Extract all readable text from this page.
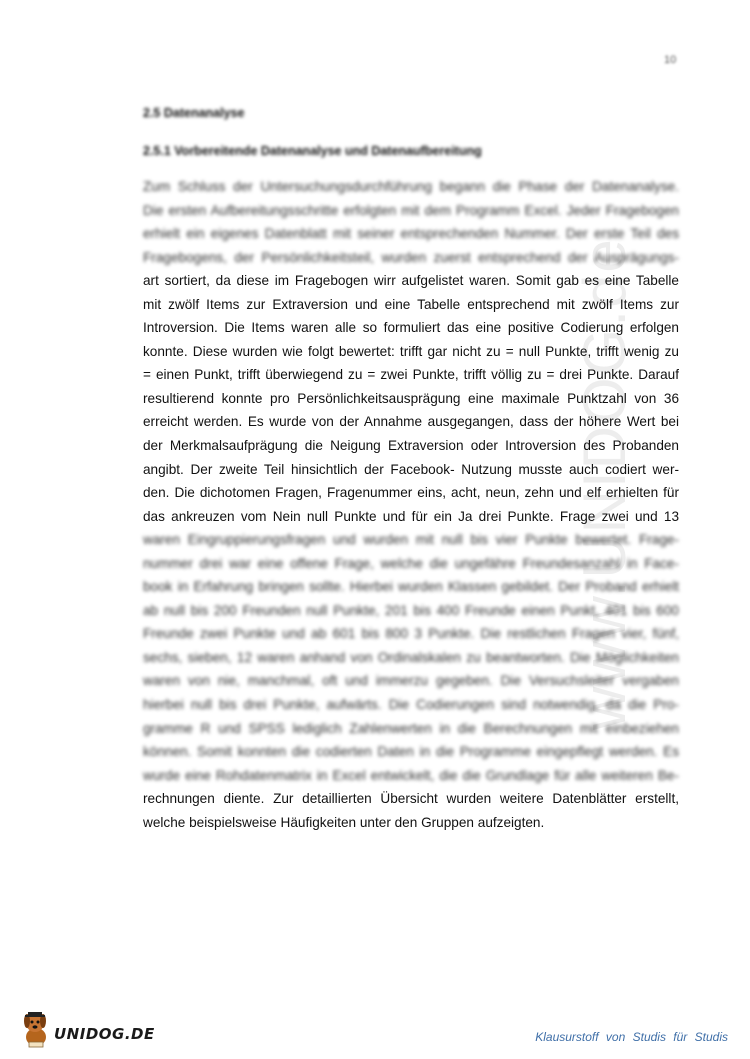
10
2.5 Datenanalyse
2.5.1 Vorbereitende Datenanalyse und Datenaufbereitung
Zum Schluss der Untersuchungsdurchführung begann die Phase der Datenanalyse.
Die ersten Aufbereitungsschritte erfolgten mit dem Programm Excel. Jeder Fragebogen
erhielt ein eigenes Datenblatt mit seiner entsprechenden Nummer. Der erste Teil des
Fragebogens, der Persönlichkeitsteil, wurden zuerst entsprechend der Ausprägungs-
art sortiert, da diese im Fragebogen wirr aufgelistet waren. Somit gab es eine Tabelle
mit zwölf Items zur Extraversion und eine Tabelle entsprechend mit zwölf Items zur
Introversion. Die Items waren alle so formuliert das eine positive Codierung erfolgen
konnte. Diese wurden wie folgt bewertet: trifft gar nicht zu = null Punkte, trifft wenig zu
= einen Punkt, trifft überwiegend zu = zwei Punkte, trifft völlig zu = drei Punkte. Darauf
resultierend konnte pro Persönlichkeitsausprägung eine maximale Punktzahl von 36
erreicht werden. Es wurde von der Annahme ausgegangen, dass der höhere Wert bei
der Merkmalsaufprägung die Neigung Extraversion oder Introversion des Probanden
angibt. Der zweite Teil hinsichtlich der Facebook- Nutzung musste auch codiert wer-
den. Die dichotomen Fragen, Fragenummer eins, acht, neun, zehn und elf erhielten für
das ankreuzen vom Nein null Punkte und für ein Ja drei Punkte. Frage zwei und 13
waren Eingruppierungsfragen und wurden mit null bis vier Punkte bewertet. Frage-
nummer drei war eine offene Frage, welche die ungefähre Freundesanzahl in Face-
book in Erfahrung bringen sollte. Hierbei wurden Klassen gebildet. Der Proband erhielt
ab null bis 200 Freunden null Punkte, 201 bis 400 Freunde einen Punkt, 401 bis 600
Freunde zwei Punkte und ab 601 bis 800 3 Punkte. Die restlichen Fragen vier, fünf,
sechs, sieben, 12 waren anhand von Ordinalskalen zu beantworten. Die Möglichkeiten
waren von nie, manchmal, oft und immerzu gegeben. Die Versuchsleiter vergaben
hierbei null bis drei Punkte, aufwärts. Die Codierungen sind notwendig, da die Pro-
gramme R und SPSS lediglich Zahlenwerten in die Berechnungen mit einbeziehen
können. Somit konnten die codierten Daten in die Programme eingepflegt werden. Es
wurde eine Rohdatenmatrix in Excel entwickelt, die die Grundlage für alle weiteren Be-
rechnungen diente. Zur detaillierten Übersicht wurden weitere Datenblätter erstellt,
welche beispielsweise Häufigkeiten unter den Gruppen aufzeigten.
www.UNIDOG.de
UNIDOG.DE	Klausurstoff von Studis für Studis
